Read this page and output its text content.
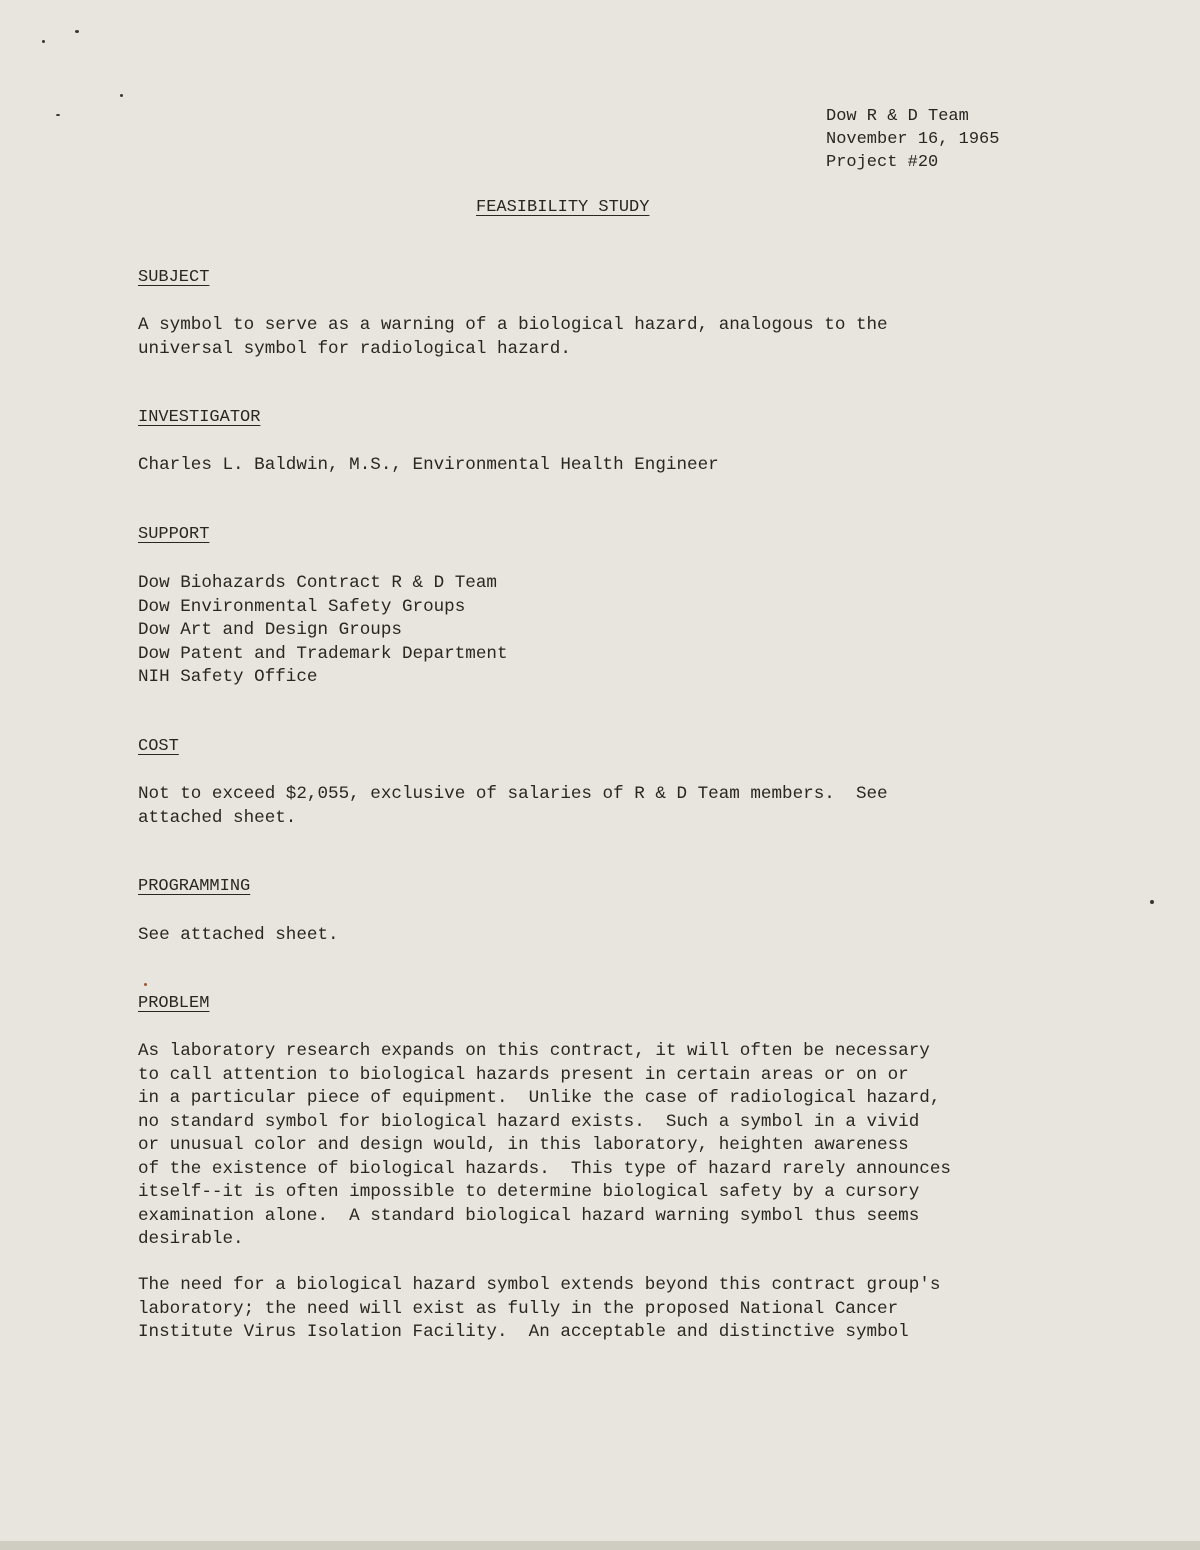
Dow R & D Team
November 16, 1965
Project #20
FEASIBILITY STUDY
SUBJECT

A symbol to serve as a warning of a biological hazard, analogous to the
universal symbol for radiological hazard.

INVESTIGATOR

Charles L. Baldwin, M.S., Environmental Health Engineer

SUPPORT

Dow Biohazards Contract R & D Team
Dow Environmental Safety Groups
Dow Art and Design Groups
Dow Patent and Trademark Department
NIH Safety Office

COST

Not to exceed $2,055, exclusive of salaries of R & D Team members.  See
attached sheet.

PROGRAMMING

See attached sheet.

PROBLEM

As laboratory research expands on this contract, it will often be necessary
to call attention to biological hazards present in certain areas or on or
in a particular piece of equipment.  Unlike the case of radiological hazard,
no standard symbol for biological hazard exists.  Such a symbol in a vivid
or unusual color and design would, in this laboratory, heighten awareness
of the existence of biological hazards.  This type of hazard rarely announces
itself--it is often impossible to determine biological safety by a cursory
examination alone.  A standard biological hazard warning symbol thus seems
desirable.

The need for a biological hazard symbol extends beyond this contract group's
laboratory; the need will exist as fully in the proposed National Cancer
Institute Virus Isolation Facility.  An acceptable and distinctive symbol
